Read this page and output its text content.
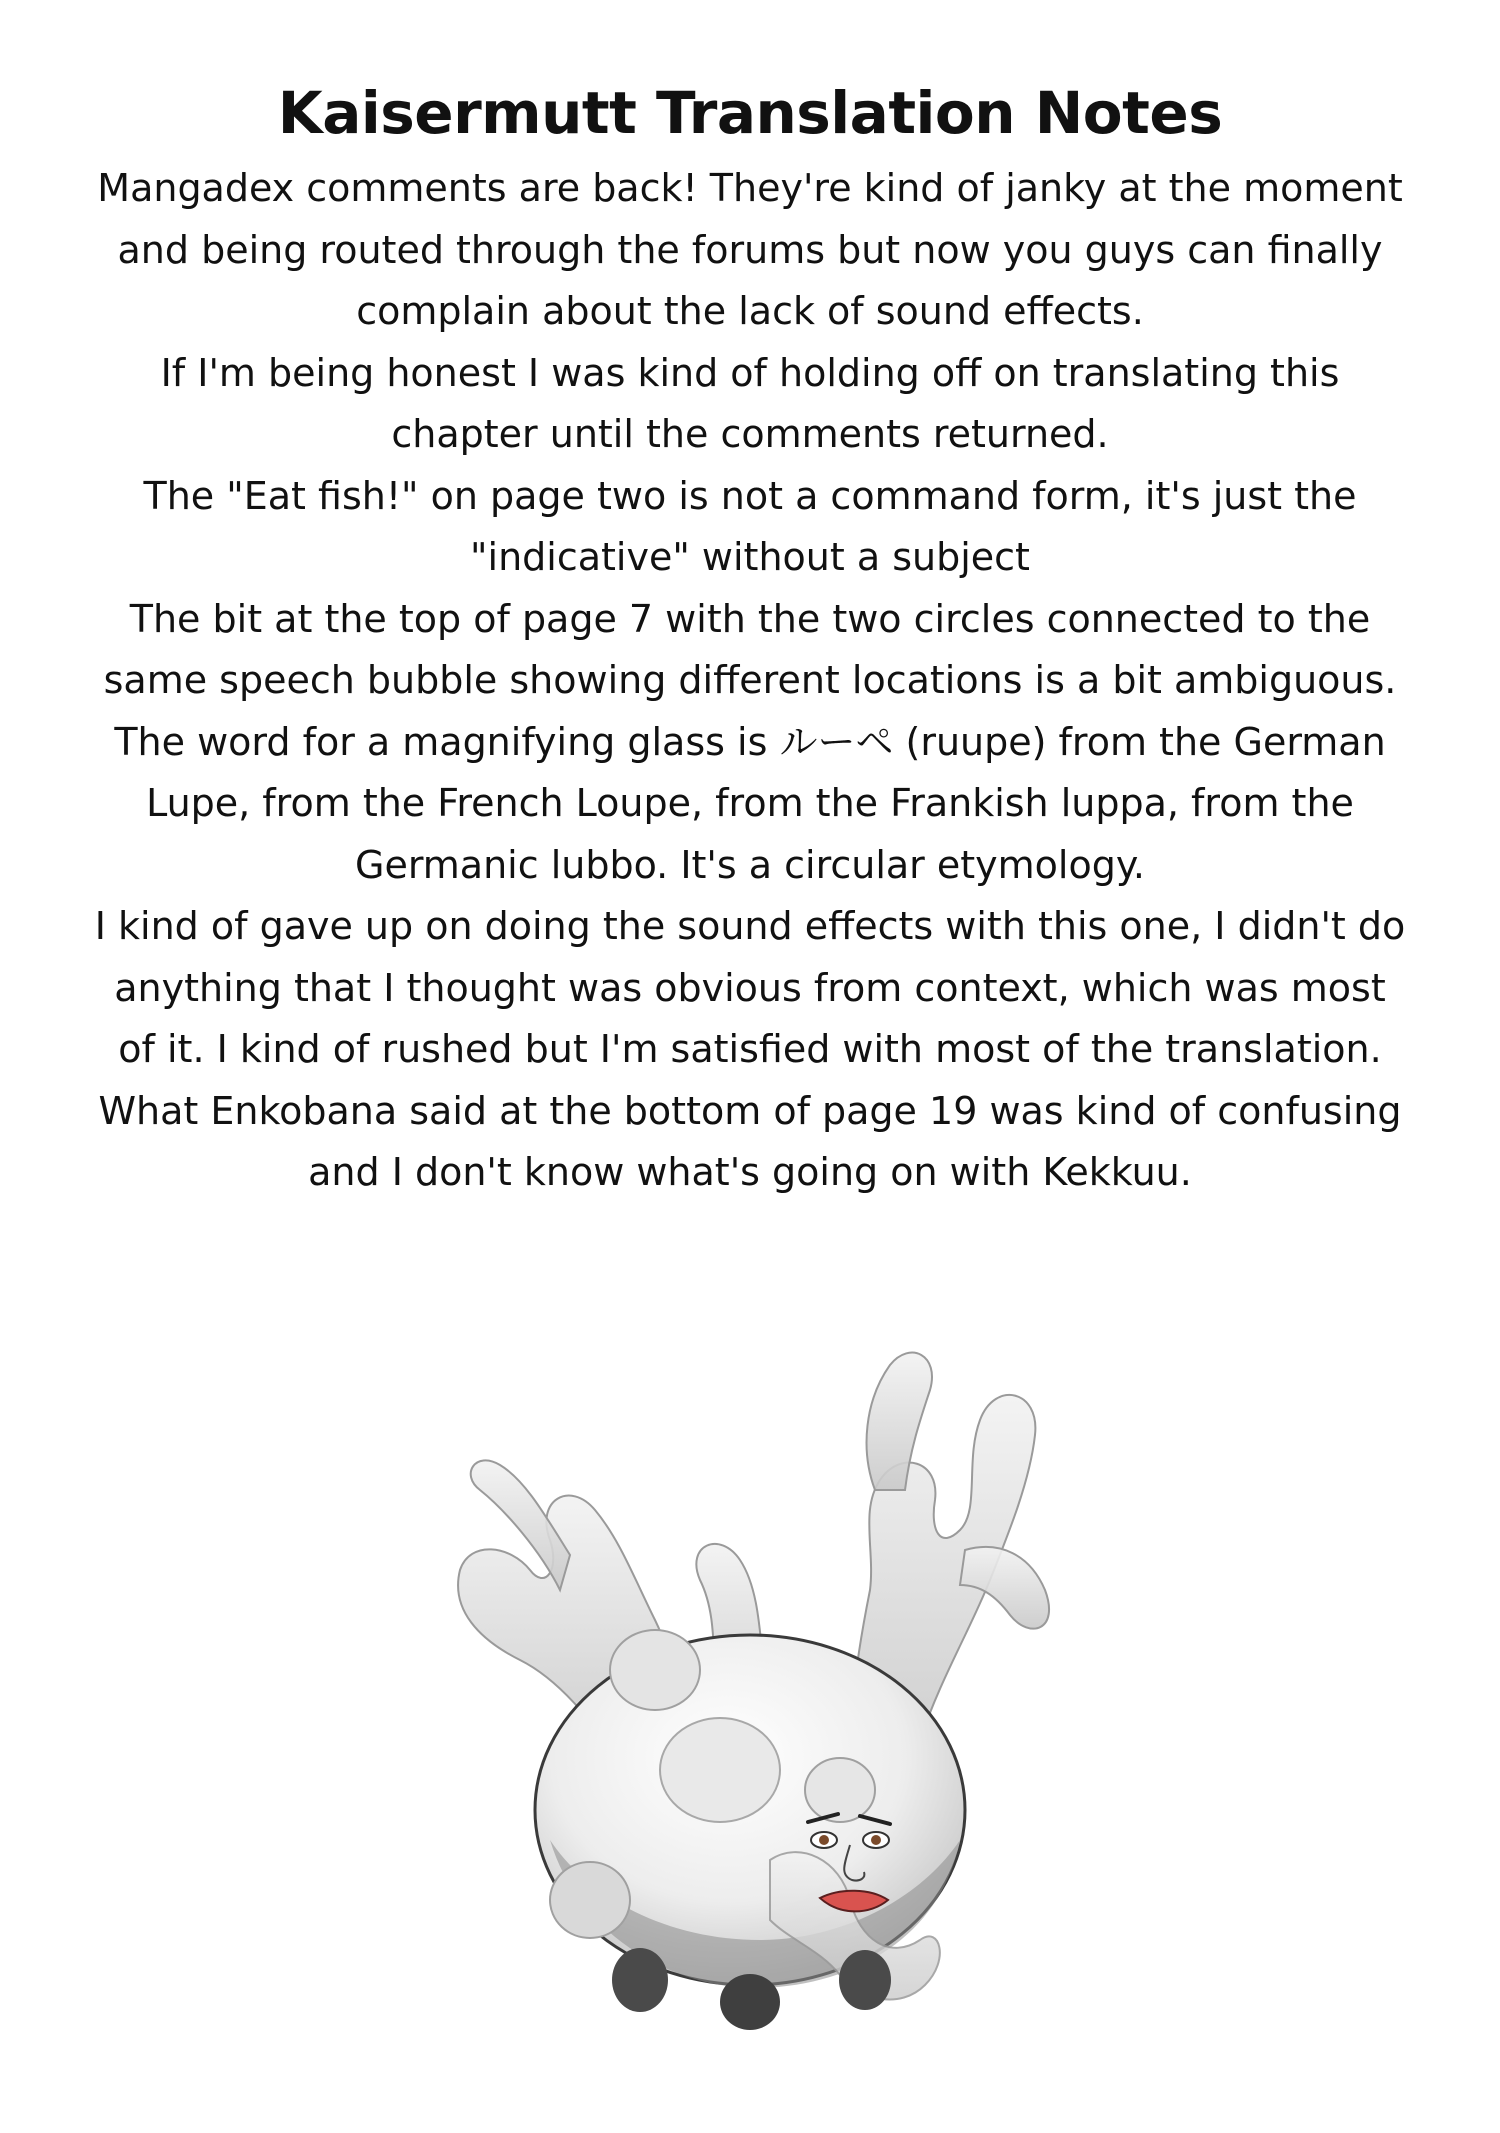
Kaisermutt Translation Notes

Mangadex comments are back! They're kind of janky at the moment and being routed through the forums but now you guys can finally complain about the lack of sound effects.

If I'm being honest I was kind of holding off on translating this chapter until the comments returned.

The "Eat fish!" on page two is not a command form, it's just the "indicative" without a subject

The bit at the top of page 7 with the two circles connected to the same speech bubble showing different locations is a bit ambiguous.

The word for a magnifying glass is ルーペ (ruupe) from the German Lupe, from the French Loupe, from the Frankish luppa, from the Germanic lubbo. It's a circular etymology.

I kind of gave up on doing the sound effects with this one, I didn't do anything that I thought was obvious from context, which was most of it. I kind of rushed but I'm satisfied with most of the translation. What Enkobana said at the bottom of page 19 was kind of confusing and I don't know what's going on with Kekkuu.
